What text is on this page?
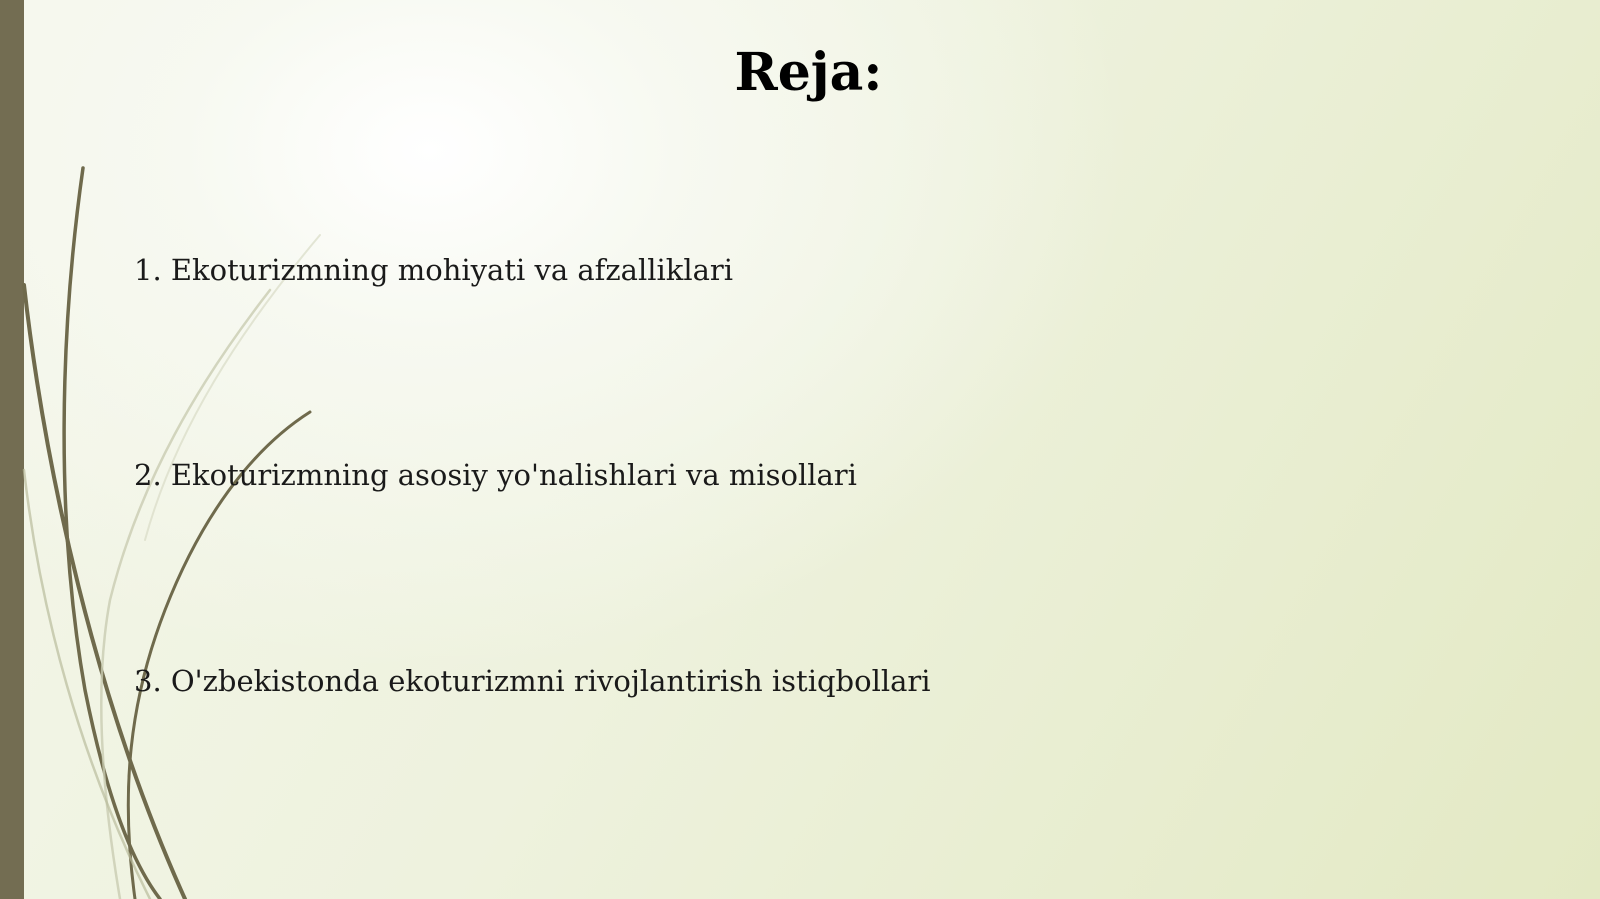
Reja:
1. Ekoturizmning mohiyati va afzalliklari
2. Ekoturizmning asosiy yo'nalishlari va misollari
3. O'zbekistonda ekoturizmni rivojlantirish istiqbollari
